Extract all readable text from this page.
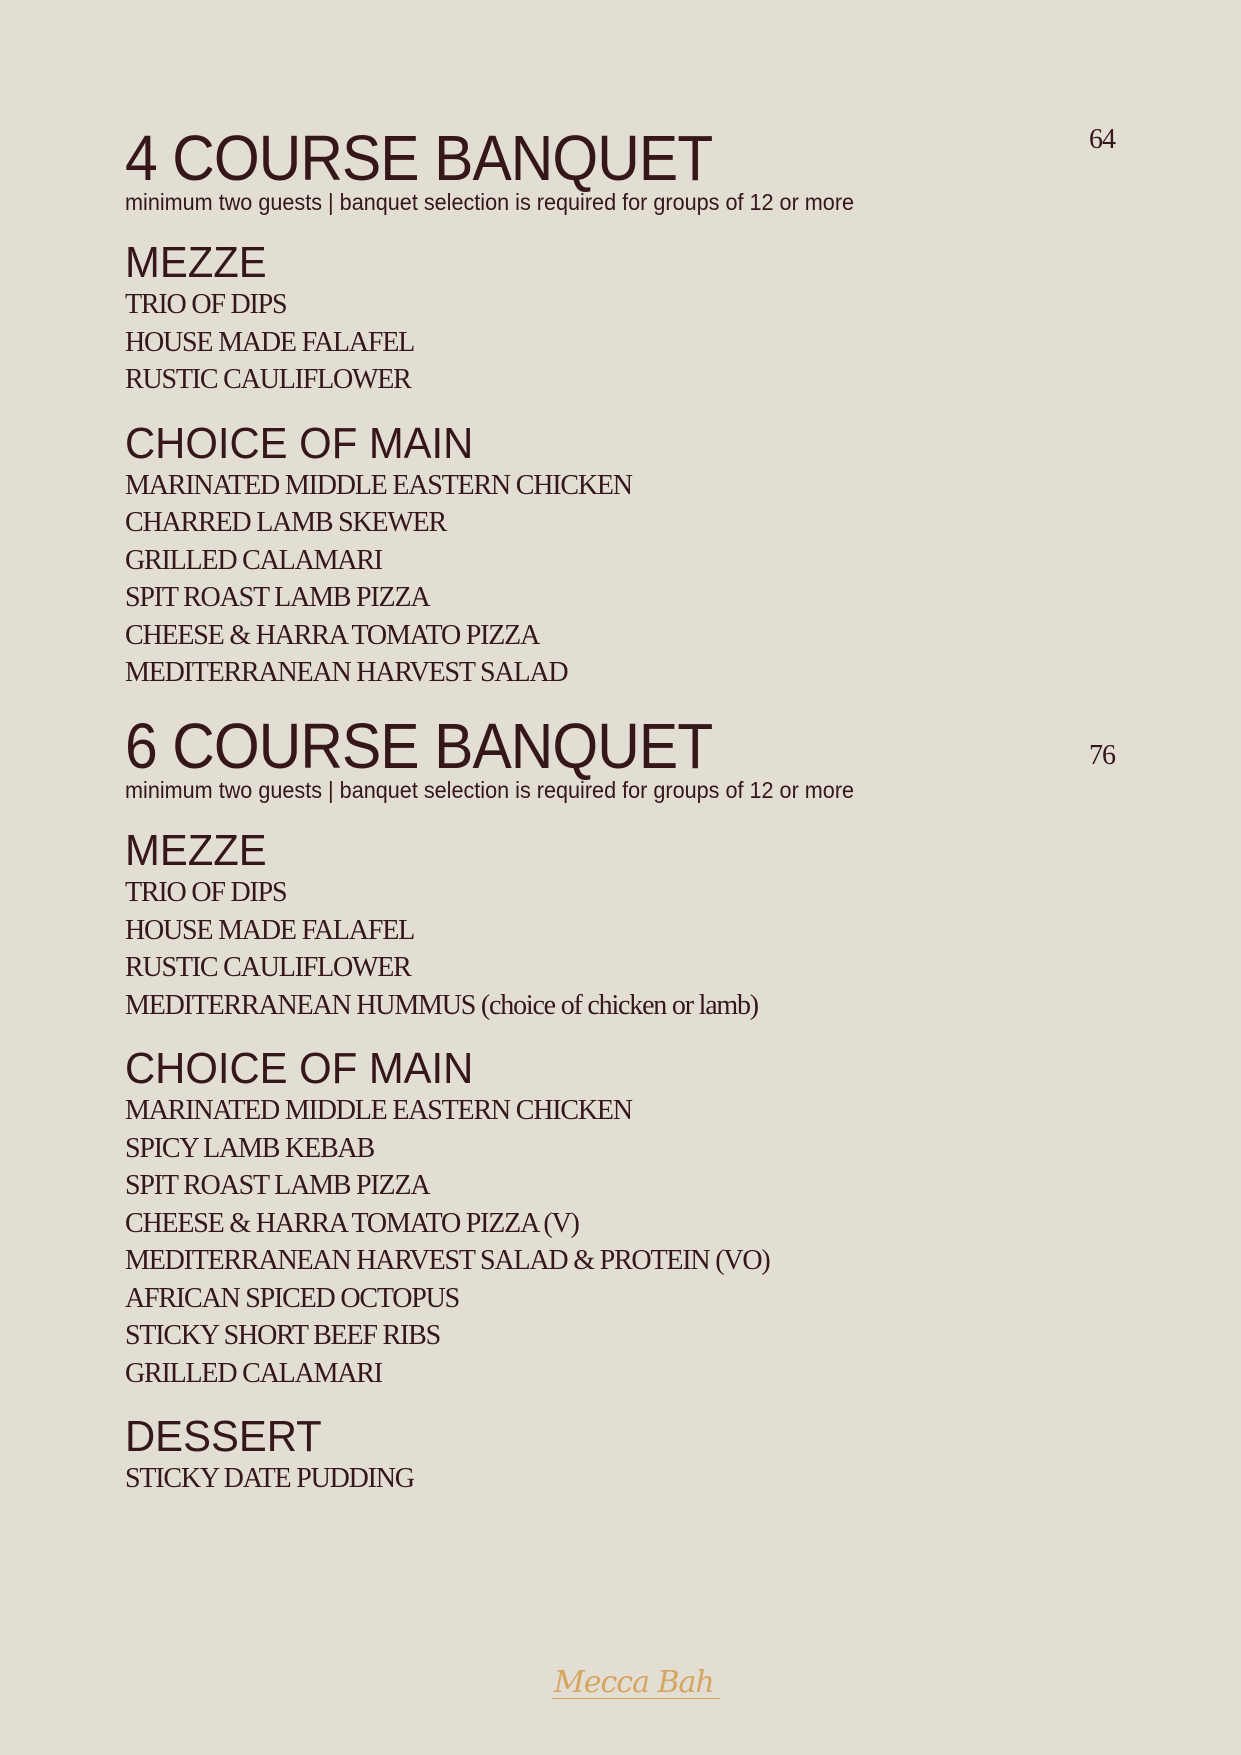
4 COURSE BANQUET	64

minimum two guests | banquet selection is required for groups of 12 or more

MEZZE
TRIO OF DIPS
HOUSE MADE FALAFEL
RUSTIC CAULIFLOWER
CHOICE OF MAIN
MARINATED MIDDLE EASTERN CHICKEN
CHARRED LAMB SKEWER
GRILLED CALAMARI
SPIT ROAST LAMB PIZZA
CHEESE & HARRA TOMATO PIZZA
MEDITERRANEAN HARVEST SALAD
6 COURSE BANQUET	76

minimum two guests | banquet selection is required for groups of 12 or more

MEZZE
TRIO OF DIPS
HOUSE MADE FALAFEL
RUSTIC CAULIFLOWER
MEDITERRANEAN HUMMUS (choice of chicken or lamb)
CHOICE OF MAIN
MARINATED MIDDLE EASTERN CHICKEN
SPICY LAMB KEBAB
SPIT ROAST LAMB PIZZA
CHEESE & HARRA TOMATO PIZZA (V)
MEDITERRANEAN HARVEST SALAD & PROTEIN (VO)
AFRICAN SPICED OCTOPUS
STICKY SHORT BEEF RIBS
GRILLED CALAMARI
DESSERT
STICKY DATE PUDDING
Mecca Bah
